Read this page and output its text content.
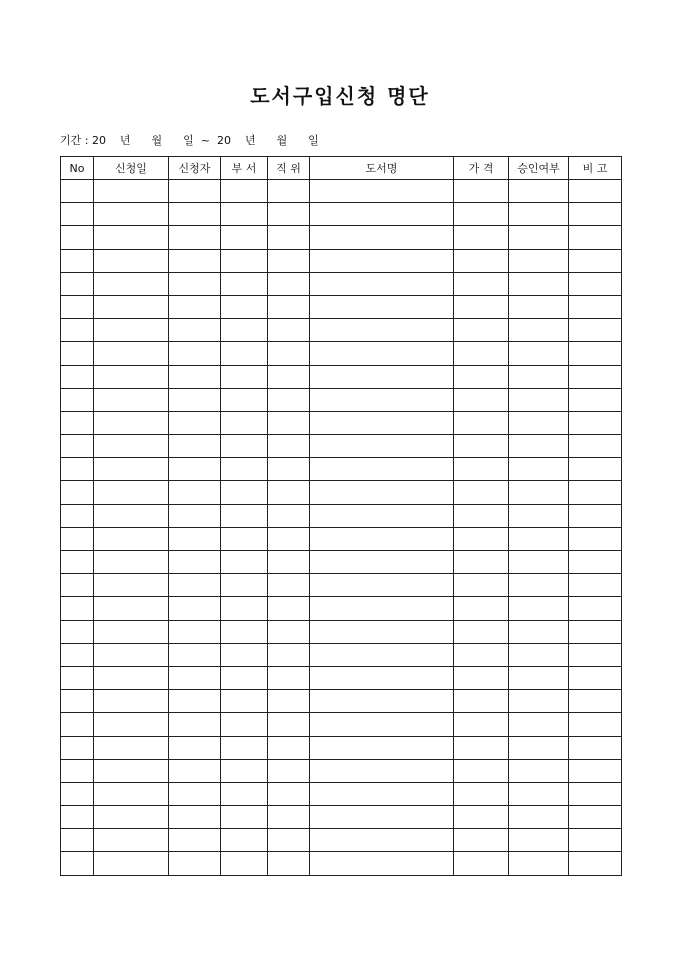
도서구입신청 명단
기간 : 20    년      월      일  ~  20    년      월      일
No	신청일	신청자	부 서	직 위	도서명	가 격	승인여부	비 고
